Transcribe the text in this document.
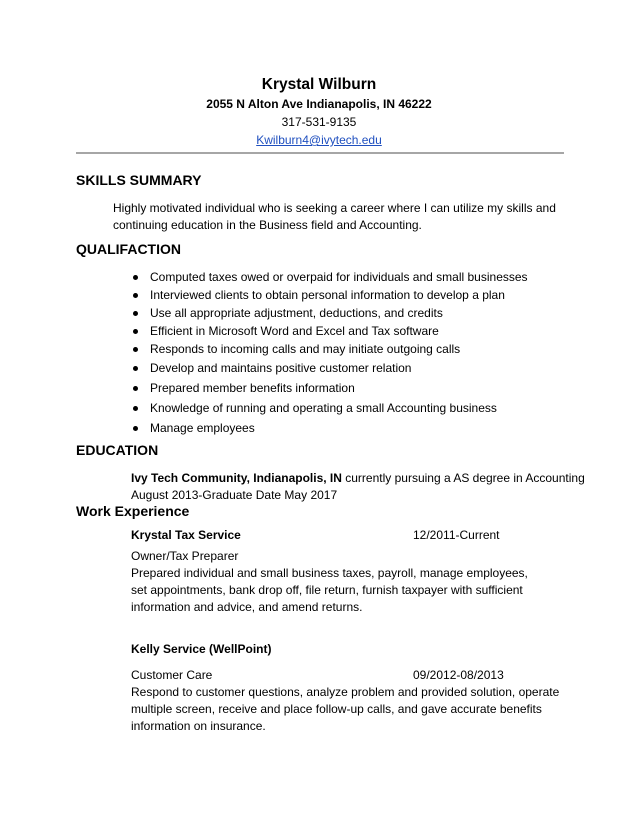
Krystal Wilburn
2055 N Alton Ave Indianapolis, IN 46222
317-531-9135
Kwilburn4@ivytech.edu
SKILLS SUMMARY
Highly motivated individual who is seeking a career where I can utilize my skills and
continuing education in the Business field and Accounting.
QUALIFACTION
Computed taxes owed or overpaid for individuals and small businesses
Interviewed clients to obtain personal information to develop a plan
Use all appropriate adjustment, deductions, and credits
Efficient in Microsoft Word and Excel and Tax software
Responds to incoming calls and may initiate outgoing calls
Develop and maintains positive customer relation
Prepared member benefits information
Knowledge of running and operating a small Accounting business
Manage employees
EDUCATION
Ivy Tech Community, Indianapolis, IN currently pursuing a AS degree in Accounting
August 2013-Graduate Date May 2017
Work Experience
Krystal Tax Service	12/2011-Current
Owner/Tax Preparer
Prepared individual and small business taxes, payroll, manage employees,
set appointments, bank drop off, file return, furnish taxpayer with sufficient
information and advice, and amend returns.
Kelly Service (WellPoint)
Customer Care	09/2012-08/2013
Respond to customer questions, analyze problem and provided solution, operate
multiple screen, receive and place follow-up calls, and gave accurate benefits
information on insurance.
